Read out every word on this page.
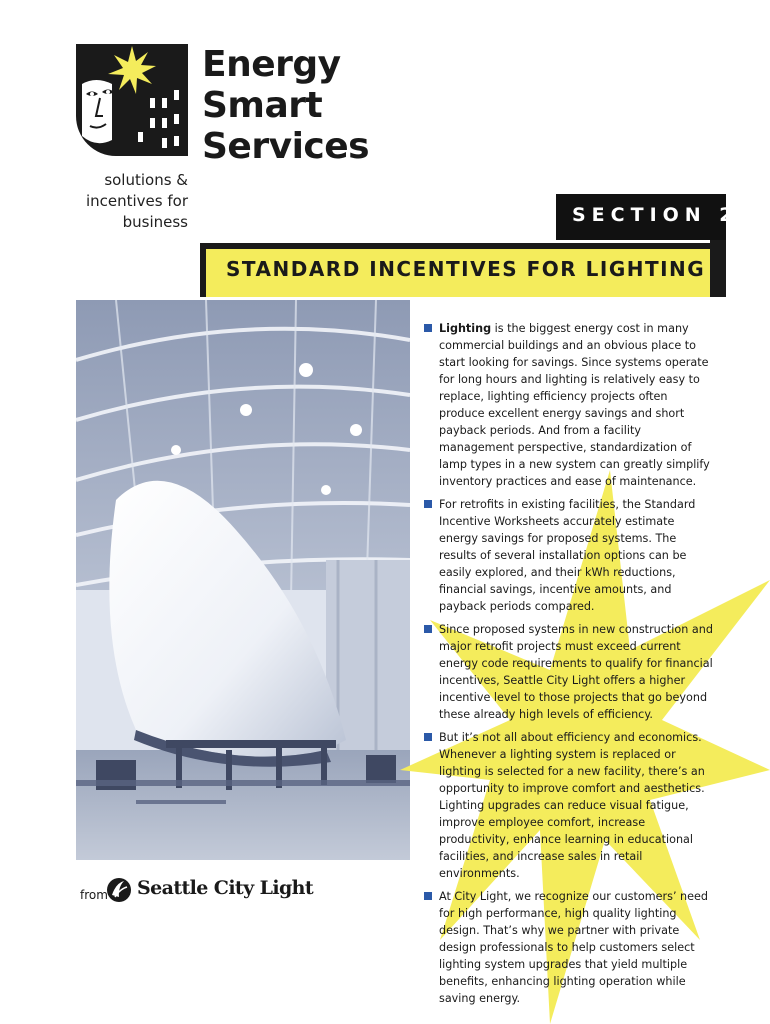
Energy
Smart
Services
solutions &
incentives for
business	SECTION 2B
STANDARD INCENTIVES FOR LIGHTING
Lighting is the biggest energy cost in many commercial buildings and an obvious place to start looking for savings. Since systems operate for long hours and lighting is relatively easy to replace, lighting efficiency projects often produce excellent energy savings and short payback periods. And from a facility management perspective, standardization of lamp types in a new system can greatly simplify inventory practices and ease of maintenance.
For retrofits in existing facilities, the Standard Incentive Worksheets accurately estimate energy savings for proposed systems. The results of several installation options can be easily explored, and their kWh reductions, financial savings, incentive amounts, and payback periods compared.
Since proposed systems in new construction and major retrofit projects must exceed current energy code requirements to qualify for financial incentives, Seattle City Light offers a higher incentive level to those projects that go beyond these already high levels of efficiency.
But it’s not all about efficiency and economics. Whenever a lighting system is replaced or lighting is selected for a new facility, there’s an opportunity to improve comfort and aesthetics. Lighting upgrades can reduce visual fatigue, improve employee comfort, increase productivity, enhance learning in educational facilities, and increase sales in retail environments.
At City Light, we recognize our customers’ need for high performance, high quality lighting design. That’s why we partner with private design professionals to help customers select lighting system upgrades that yield multiple benefits, enhancing lighting operation while saving energy.
from Seattle City Light
